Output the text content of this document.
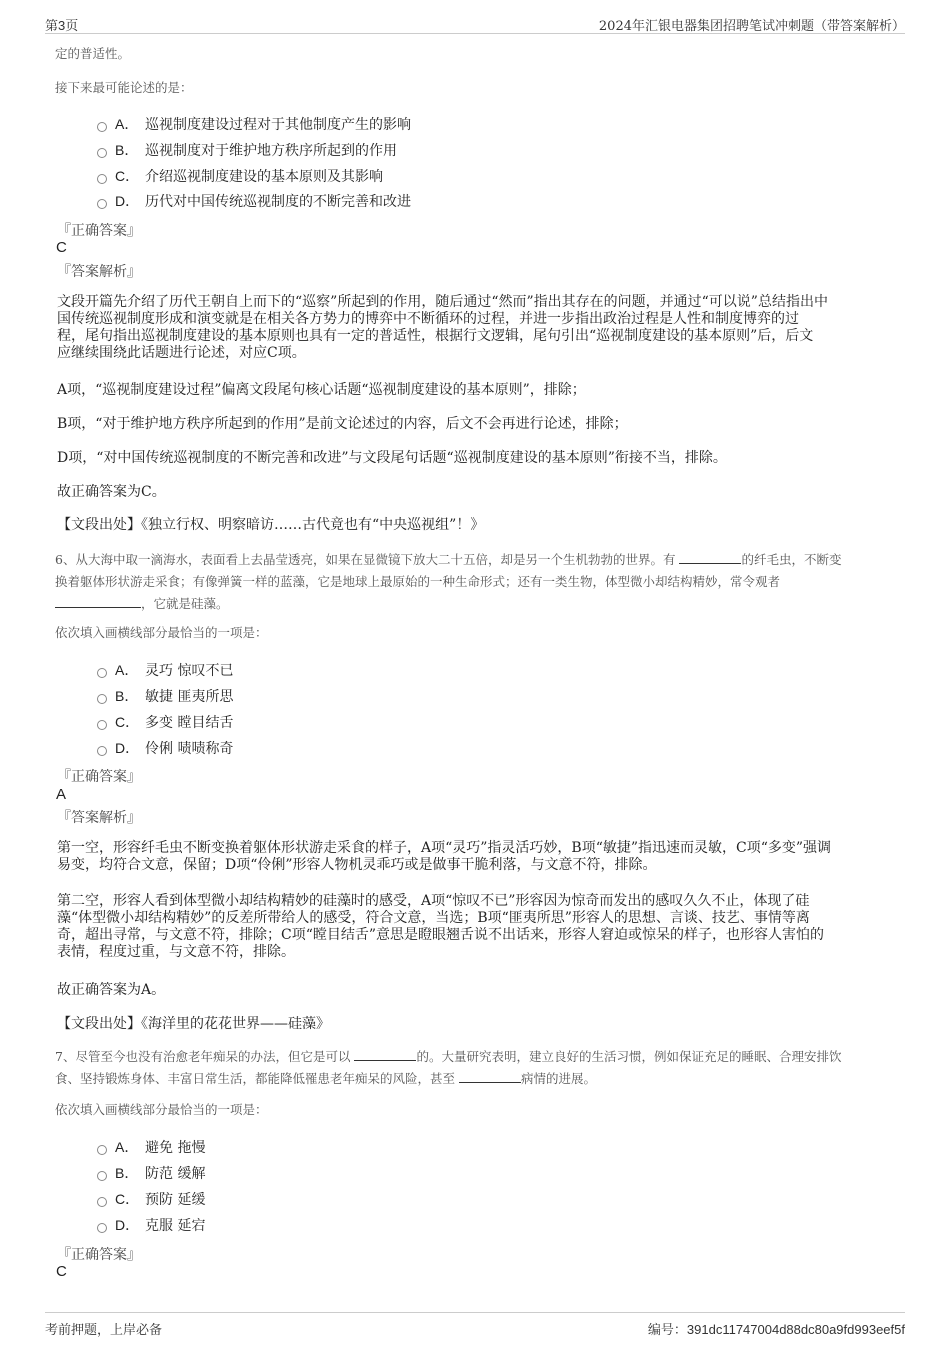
第3页	2024年汇银电器集团招聘笔试冲刺题（带答案解析）
定的普适性。
接下来最可能论述的是：
A． 巡视制度建设过程对于其他制度产生的影响
B． 巡视制度对于维护地方秩序所起到的作用
C． 介绍巡视制度建设的基本原则及其影响
D． 历代对中国传统巡视制度的不断完善和改进
『正确答案』
C
『答案解析』
文段开篇先介绍了历代王朝自上而下的“巡察”所起到的作用，随后通过“然而”指出其存在的问题，并通过“可以说”总结指出中
国传统巡视制度形成和演变就是在相关各方势力的博弈中不断循环的过程，并进一步指出政治过程是人性和制度博弈的过
程，尾句指出巡视制度建设的基本原则也具有一定的普适性，根据行文逻辑，尾句引出“巡视制度建设的基本原则”后，后文
应继续围绕此话题进行论述，对应C项。
A项，“巡视制度建设过程”偏离文段尾句核心话题“巡视制度建设的基本原则”，排除；
B项，“对于维护地方秩序所起到的作用”是前文论述过的内容，后文不会再进行论述，排除；
D项，“对中国传统巡视制度的不断完善和改进”与文段尾句话题“巡视制度建设的基本原则”衔接不当，排除。
故正确答案为C。
【文段出处】《独立行权、明察暗访……古代竟也有“中央巡视组”！》
6、从大海中取一滴海水，表面看上去晶莹透亮，如果在显微镜下放大二十五倍，却是另一个生机勃勃的世界。有	的纤毛虫，不断变
换着躯体形状游走采食；有像弹簧一样的蓝藻，它是地球上最原始的一种生命形式；还有一类生物，体型微小却结构精妙，常令观者
，它就是硅藻。
依次填入画横线部分最恰当的一项是：
A． 灵巧 惊叹不已
B． 敏捷 匪夷所思
C． 多变 瞠目结舌
D． 伶俐 啧啧称奇
『正确答案』
A
『答案解析』
第一空，形容纤毛虫不断变换着躯体形状游走采食的样子，A项“灵巧”指灵活巧妙，B项“敏捷”指迅速而灵敏，C项“多变”强调
易变，均符合文意，保留；D项“伶俐”形容人物机灵乖巧或是做事干脆利落，与文意不符，排除。
第二空，形容人看到体型微小却结构精妙的硅藻时的感受，A项“惊叹不已”形容因为惊奇而发出的感叹久久不止，体现了硅
藻“体型微小却结构精妙”的反差所带给人的感受，符合文意，当选；B项“匪夷所思”形容人的思想、言谈、技艺、事情等离
奇，超出寻常，与文意不符，排除；C项“瞠目结舌”意思是瞪眼翘舌说不出话来，形容人窘迫或惊呆的样子，也形容人害怕的
表情，程度过重，与文意不符，排除。
故正确答案为A。
【文段出处】《海洋里的花花世界——硅藻》
7、尽管至今也没有治愈老年痴呆的办法，但它是可以	的。大量研究表明，建立良好的生活习惯，例如保证充足的睡眠、合理安排饮
食、坚持锻炼身体、丰富日常生活，都能降低罹患老年痴呆的风险，甚至	病情的进展。
依次填入画横线部分最恰当的一项是：
A． 避免 拖慢
B． 防范 缓解
C． 预防 延缓
D． 克服 延宕
『正确答案』
C
考前押题，上岸必备	编号：391dc11747004d88dc80a9fd993eef5f
